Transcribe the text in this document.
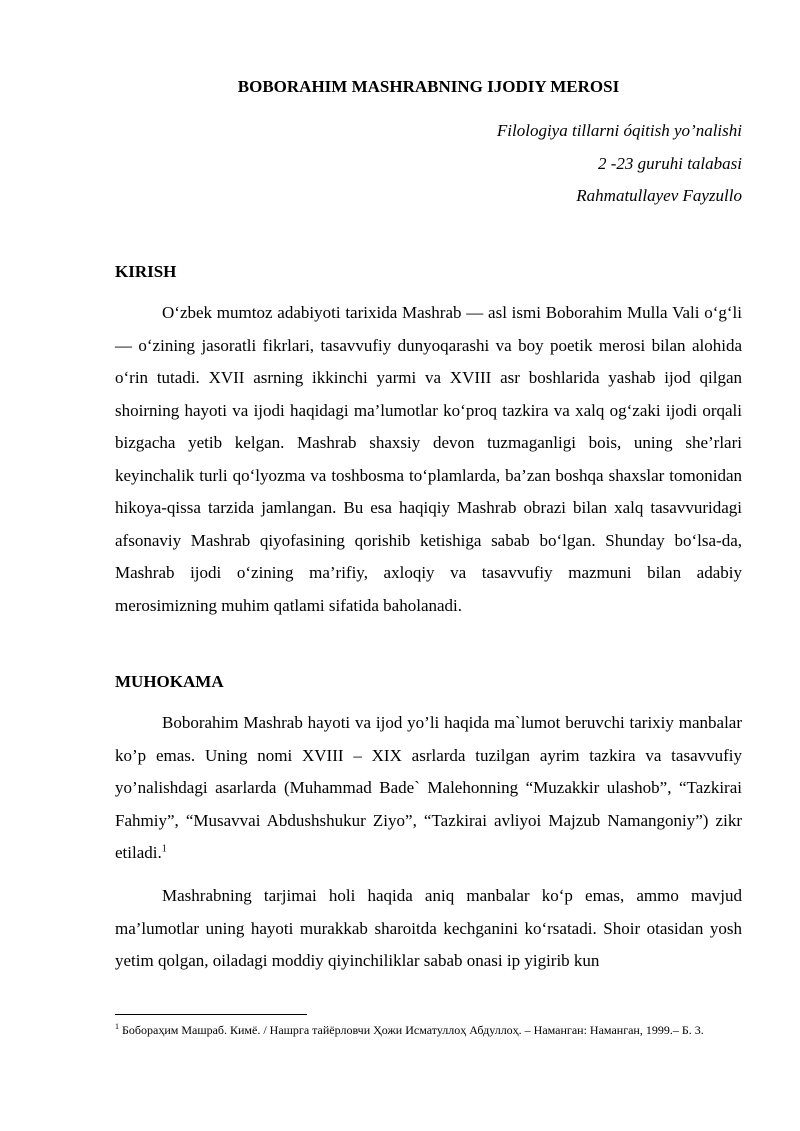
BOBORAHIM MASHRABNING IJODIY MEROSI
Filologiya tillarni óqitish yo’nalishi
2 -23 guruhi talabasi
Rahmatullayev Fayzullo
KIRISH

O‘zbek mumtoz adabiyoti tarixida Mashrab — asl ismi Boborahim Mulla Vali o‘g‘li — o‘zining jasoratli fikrlari, tasavvufiy dunyoqarashi va boy poetik merosi bilan alohida o‘rin tutadi. XVII asrning ikkinchi yarmi va XVIII asr boshlarida yashab ijod qilgan shoirning hayoti va ijodi haqidagi ma’lumotlar ko‘proq tazkira va xalq og‘zaki ijodi orqali bizgacha yetib kelgan. Mashrab shaxsiy devon tuzmaganligi bois, uning she’rlari keyinchalik turli qo‘lyozma va toshbosma to‘plamlarda, ba’zan boshqa shaxslar tomonidan hikoya-qissa tarzida jamlangan. Bu esa haqiqiy Mashrab obrazi bilan xalq tasavvuridagi afsonaviy Mashrab qiyofasining qorishib ketishiga sabab bo‘lgan. Shunday bo‘lsa-da, Mashrab ijodi o‘zining ma’rifiy, axloqiy va tasavvufiy mazmuni bilan adabiy merosimizning muhim qatlami sifatida baholanadi.

MUHOKAMA

Boborahim Mashrab hayoti va ijod yo’li haqida ma`lumot beruvchi tarixiy manbalar ko’p emas. Uning nomi XVIII – XIX asrlarda tuzilgan ayrim tazkira va tasavvufiy yo’nalishdagi asarlarda (Muhammad Bade` Malehonning “Muzakkir ulashob”, “Tazkirai Fahmiy”, “Musavvai Abdushshukur Ziyo”, “Tazkirai avliyoi Majzub Namangoniy”) zikr etiladi.$^1$

Mashrabning tarjimai holi haqida aniq manbalar ko‘p emas, ammo mavjud ma’lumotlar uning hayoti murakkab sharoitda kechganini ko‘rsatadi. Shoir otasidan yosh yetim qolgan, oiladagi moddiy qiyinchiliklar sabab onasi ip yigirib kun

$^1$ Бобораҳим Машраб. Кимё. / Нашрга тайёрловчи Ҳожи Исматуллоҳ Абдуллоҳ. – Наманган: Наманган, 1999.– Б. 3.
